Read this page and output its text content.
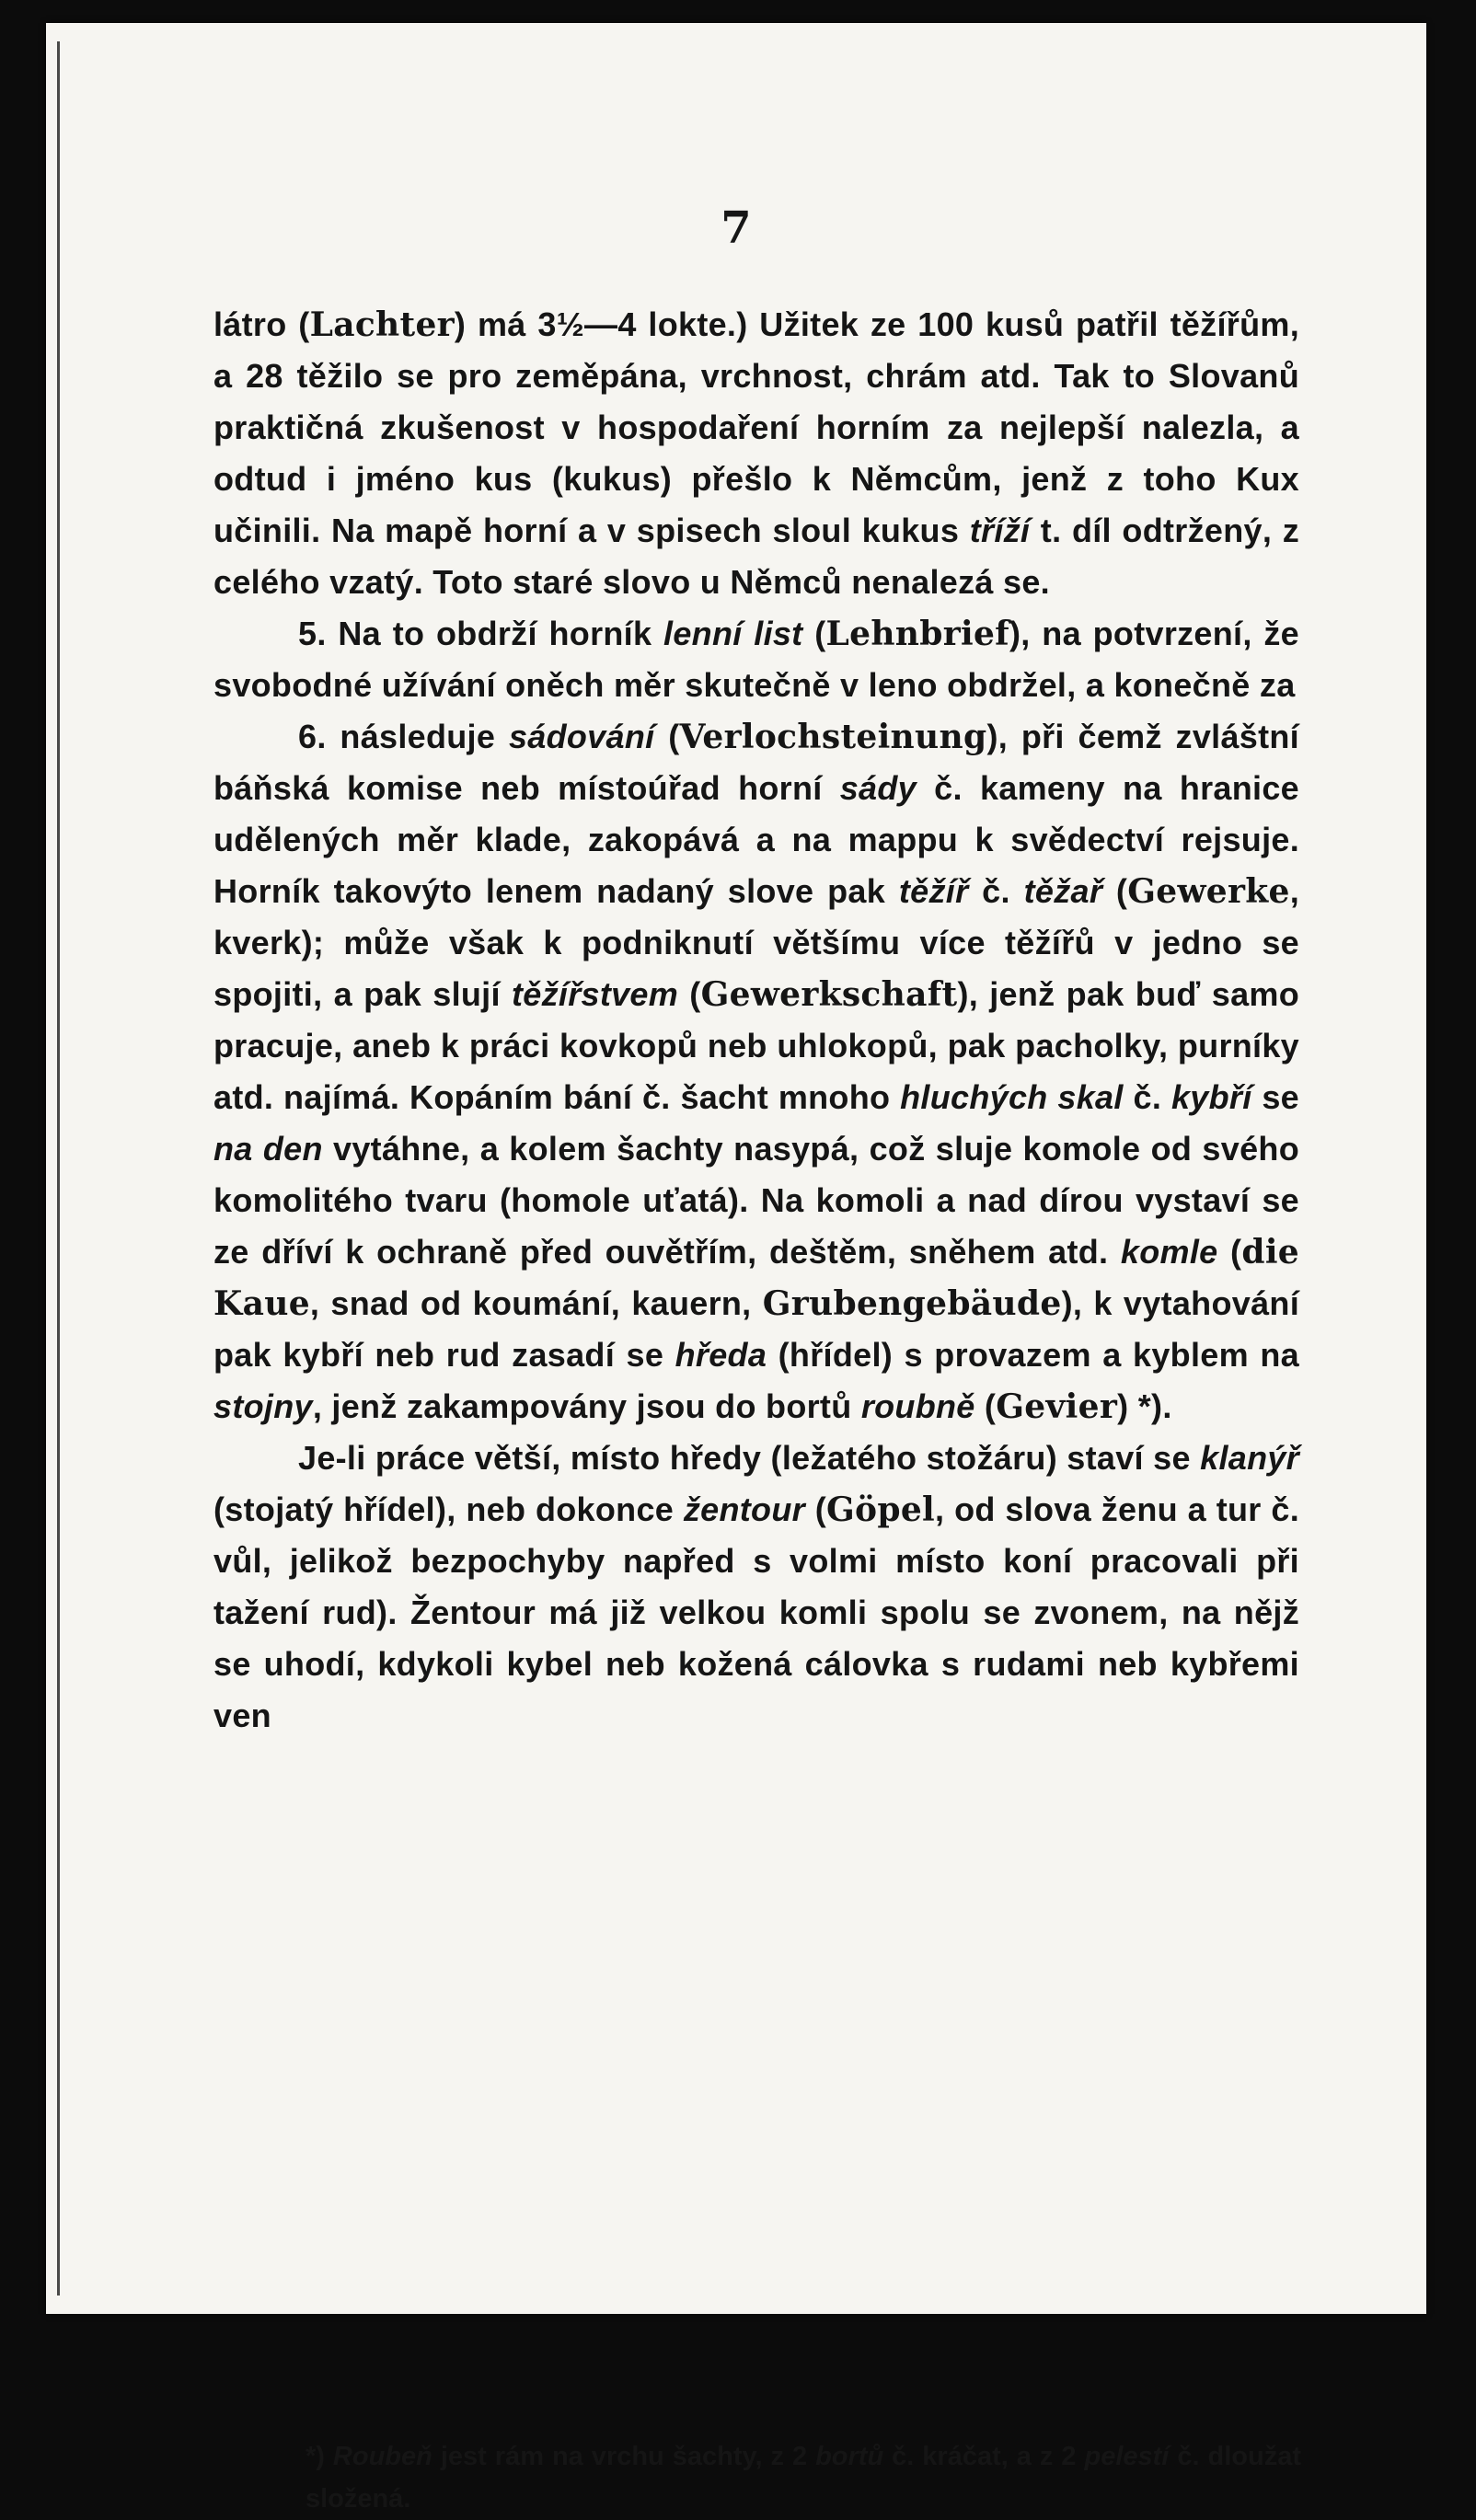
7

látro (Lachter) má 3½—4 lokte.) Užitek ze 100 kusů patřil těžířům, a 28 těžilo se pro zeměpána, vrchnost, chrám atd. Tak to Slovanů praktičná zkušenost v hospodaření horním za nejlepší nalezla, a odtud i jméno kus (kukus) přešlo k Němcům, jenž z toho Kux učinili. Na mapě horní a v spisech sloul kukus tříží t. díl odtržený, z celého vzatý. Toto staré slovo u Němců nenalezá se.

5. Na to obdrží horník lenní list (Lehnbrief), na potvrzení, že svobodné užívání oněch měr skutečně v leno obdržel, a konečně za

6. následuje sádování (Verlochsteinung), při čemž zvláštní báňská komise neb místoúřad horní sády č. kameny na hranice udělených měr klade, zakopává a na mappu k svědectví rejsuje. Horník takovýto lenem nadaný slove pak těžíř č. těžař (Gewerke, kverk); může však k podniknutí většímu více těžířů v jedno se spojiti, a pak slují těžířstvem (Gewerkschaft), jenž pak buď samo pracuje, aneb k práci kovkopů neb uhlokopů, pak pacholky, purníky atd. najímá. Kopáním bání č. šacht mnoho hluchých skal č. kybří se na den vytáhne, a kolem šachty nasypá, což sluje komole od svého komolitého tvaru (homole uťatá). Na komoli a nad dírou vystaví se ze dříví k ochraně před ouvětřím, deštěm, sněhem atd. komle (die Kaue, snad od koumání, kauern, Grubengebäude), k vytahování pak kybří neb rud zasadí se hředa (hřídel) s provazem a kyblem na stojny, jenž zakampovány jsou do bortů roubně (Gevier) *).

Je-li práce větší, místo hředy (ležatého stožáru) staví se klanýř (stojatý hřídel), neb dokonce žentour (Göpel, od slova ženu a tur č. vůl, jelikož bezpochyby napřed s volmi místo koní pracovali při tažení rud). Žentour má již velkou komli spolu se zvonem, na nějž se uhodí, kdykoli kybel neb kožená cálovka s rudami neb kybřemi ven

*) Roubeň jest rám na vrchu šachty, z 2 bortů č. kráčat, a z 2 pelestí č. dloužat složená.
